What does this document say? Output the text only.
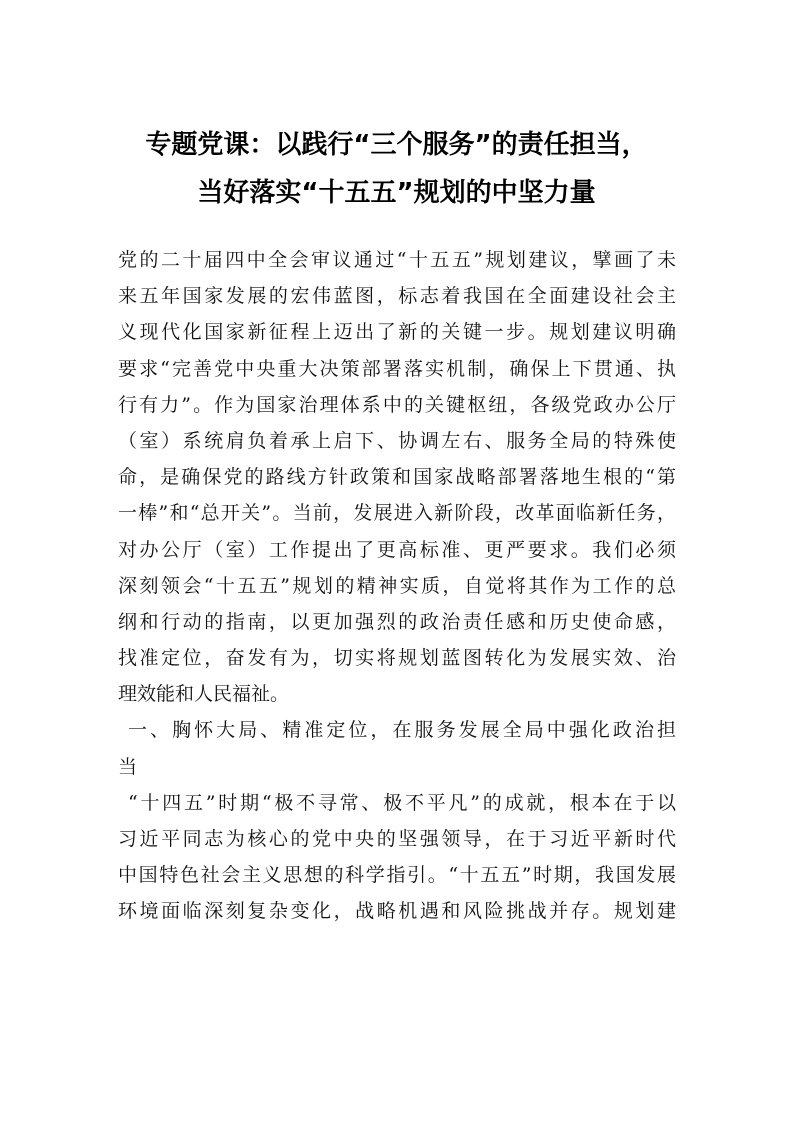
专题党课：以践行“三个服务”的责任担当，
当好落实“十五五”规划的中坚力量
党的二十届四中全会审议通过“十五五”规划建议，擘画了未
来五年国家发展的宏伟蓝图，标志着我国在全面建设社会主
义现代化国家新征程上迈出了新的关键一步。规划建议明确
要求“完善党中央重大决策部署落实机制，确保上下贯通、执
行有力”。作为国家治理体系中的关键枢纽，各级党政办公厅
（室）系统肩负着承上启下、协调左右、服务全局的特殊使
命，是确保党的路线方针政策和国家战略部署落地生根的“第
一棒”和“总开关”。当前，发展进入新阶段，改革面临新任务，
对办公厅（室）工作提出了更高标准、更严要求。我们必须
深刻领会“十五五”规划的精神实质，自觉将其作为工作的总
纲和行动的指南，以更加强烈的政治责任感和历史使命感，
找准定位，奋发有为，切实将规划蓝图转化为发展实效、治
理效能和人民福祉。
一、胸怀大局、精准定位，在服务发展全局中强化政治担
当
“十四五”时期“极不寻常、极不平凡”的成就，根本在于以
习近平同志为核心的党中央的坚强领导，在于习近平新时代
中国特色社会主义思想的科学指引。“十五五”时期，我国发展
环境面临深刻复杂变化，战略机遇和风险挑战并存。规划建
